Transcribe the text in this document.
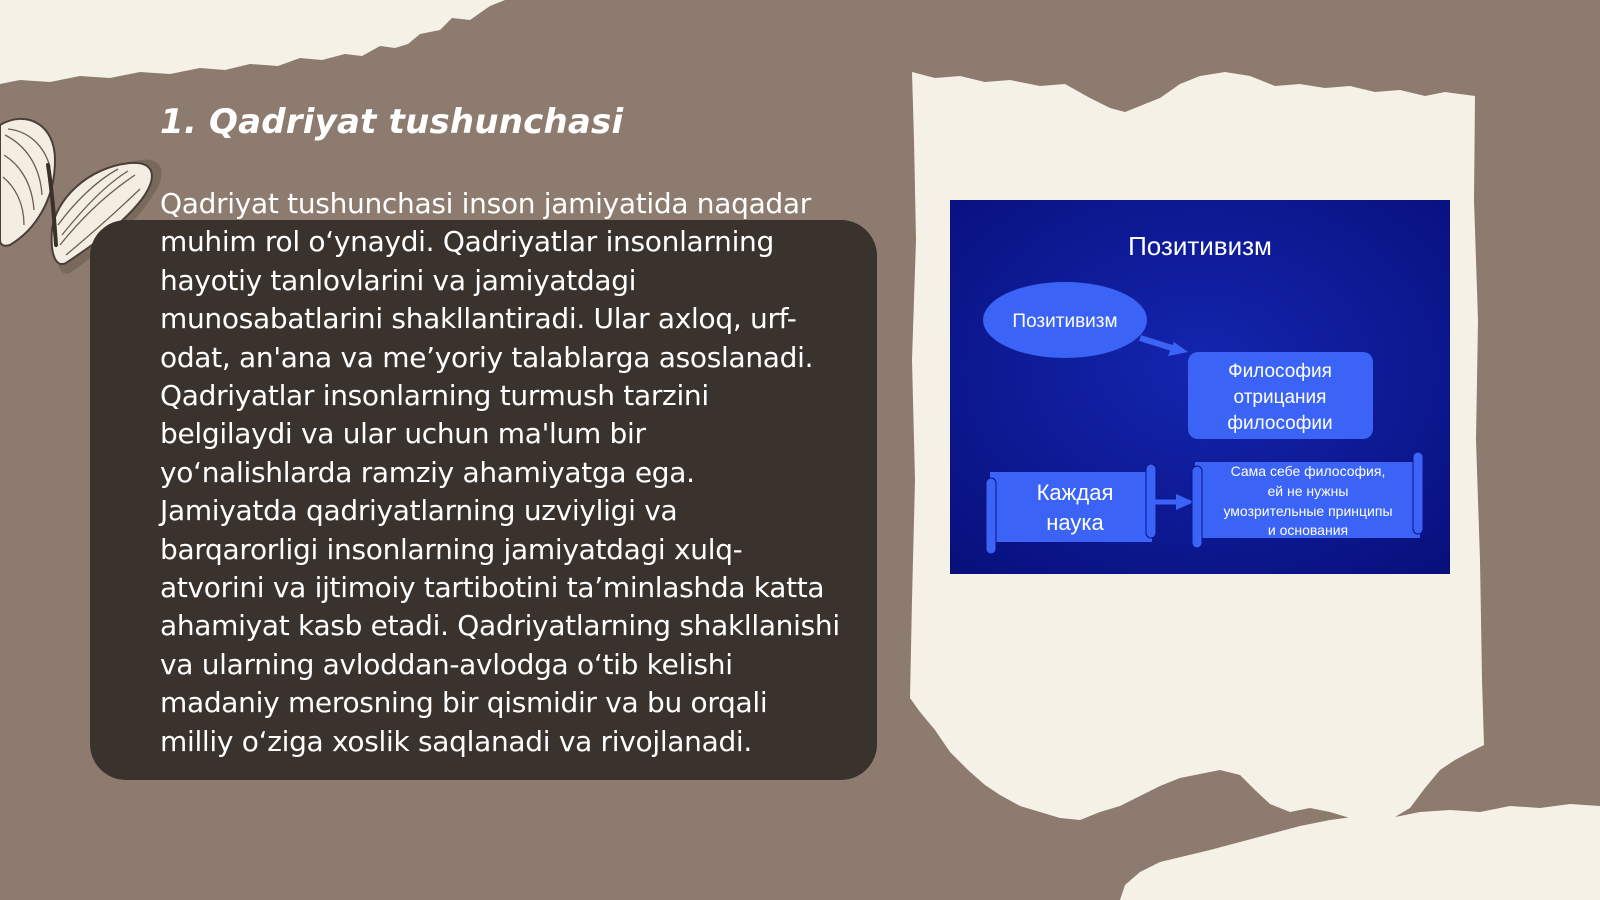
1. Qadriyat tushunchasi

Qadriyat tushunchasi inson jamiyatida naqadar muhim rol o‘ynaydi. Qadriyatlar insonlarning hayotiy tanlovlarini va jamiyatdagi munosabatlarini shakllantiradi. Ular axloq, urf-odat, an'ana va me’yoriy talablarga asoslanadi. Qadriyatlar insonlarning turmush tarzini belgilaydi va ular uchun ma'lum bir yo‘nalishlarda ramziy ahamiyatga ega. Jamiyatda qadriyatlarning uzviyligi va barqarorligi insonlarning jamiyatdagi xulq-atvorini va ijtimoiy tartibotini ta’minlashda katta ahamiyat kasb etadi. Qadriyatlarning shakllanishi va ularning avloddan-avlodga o‘tib kelishi madaniy merosning bir qismidir va bu orqali milliy o‘ziga xoslik saqlanadi va rivojlanadi.

Позитивизм
Позитивизм
Философия
отрицания
философии
Каждая
наука
Сама себе философия,
ей не нужны
умозрительные принципы
и основания
